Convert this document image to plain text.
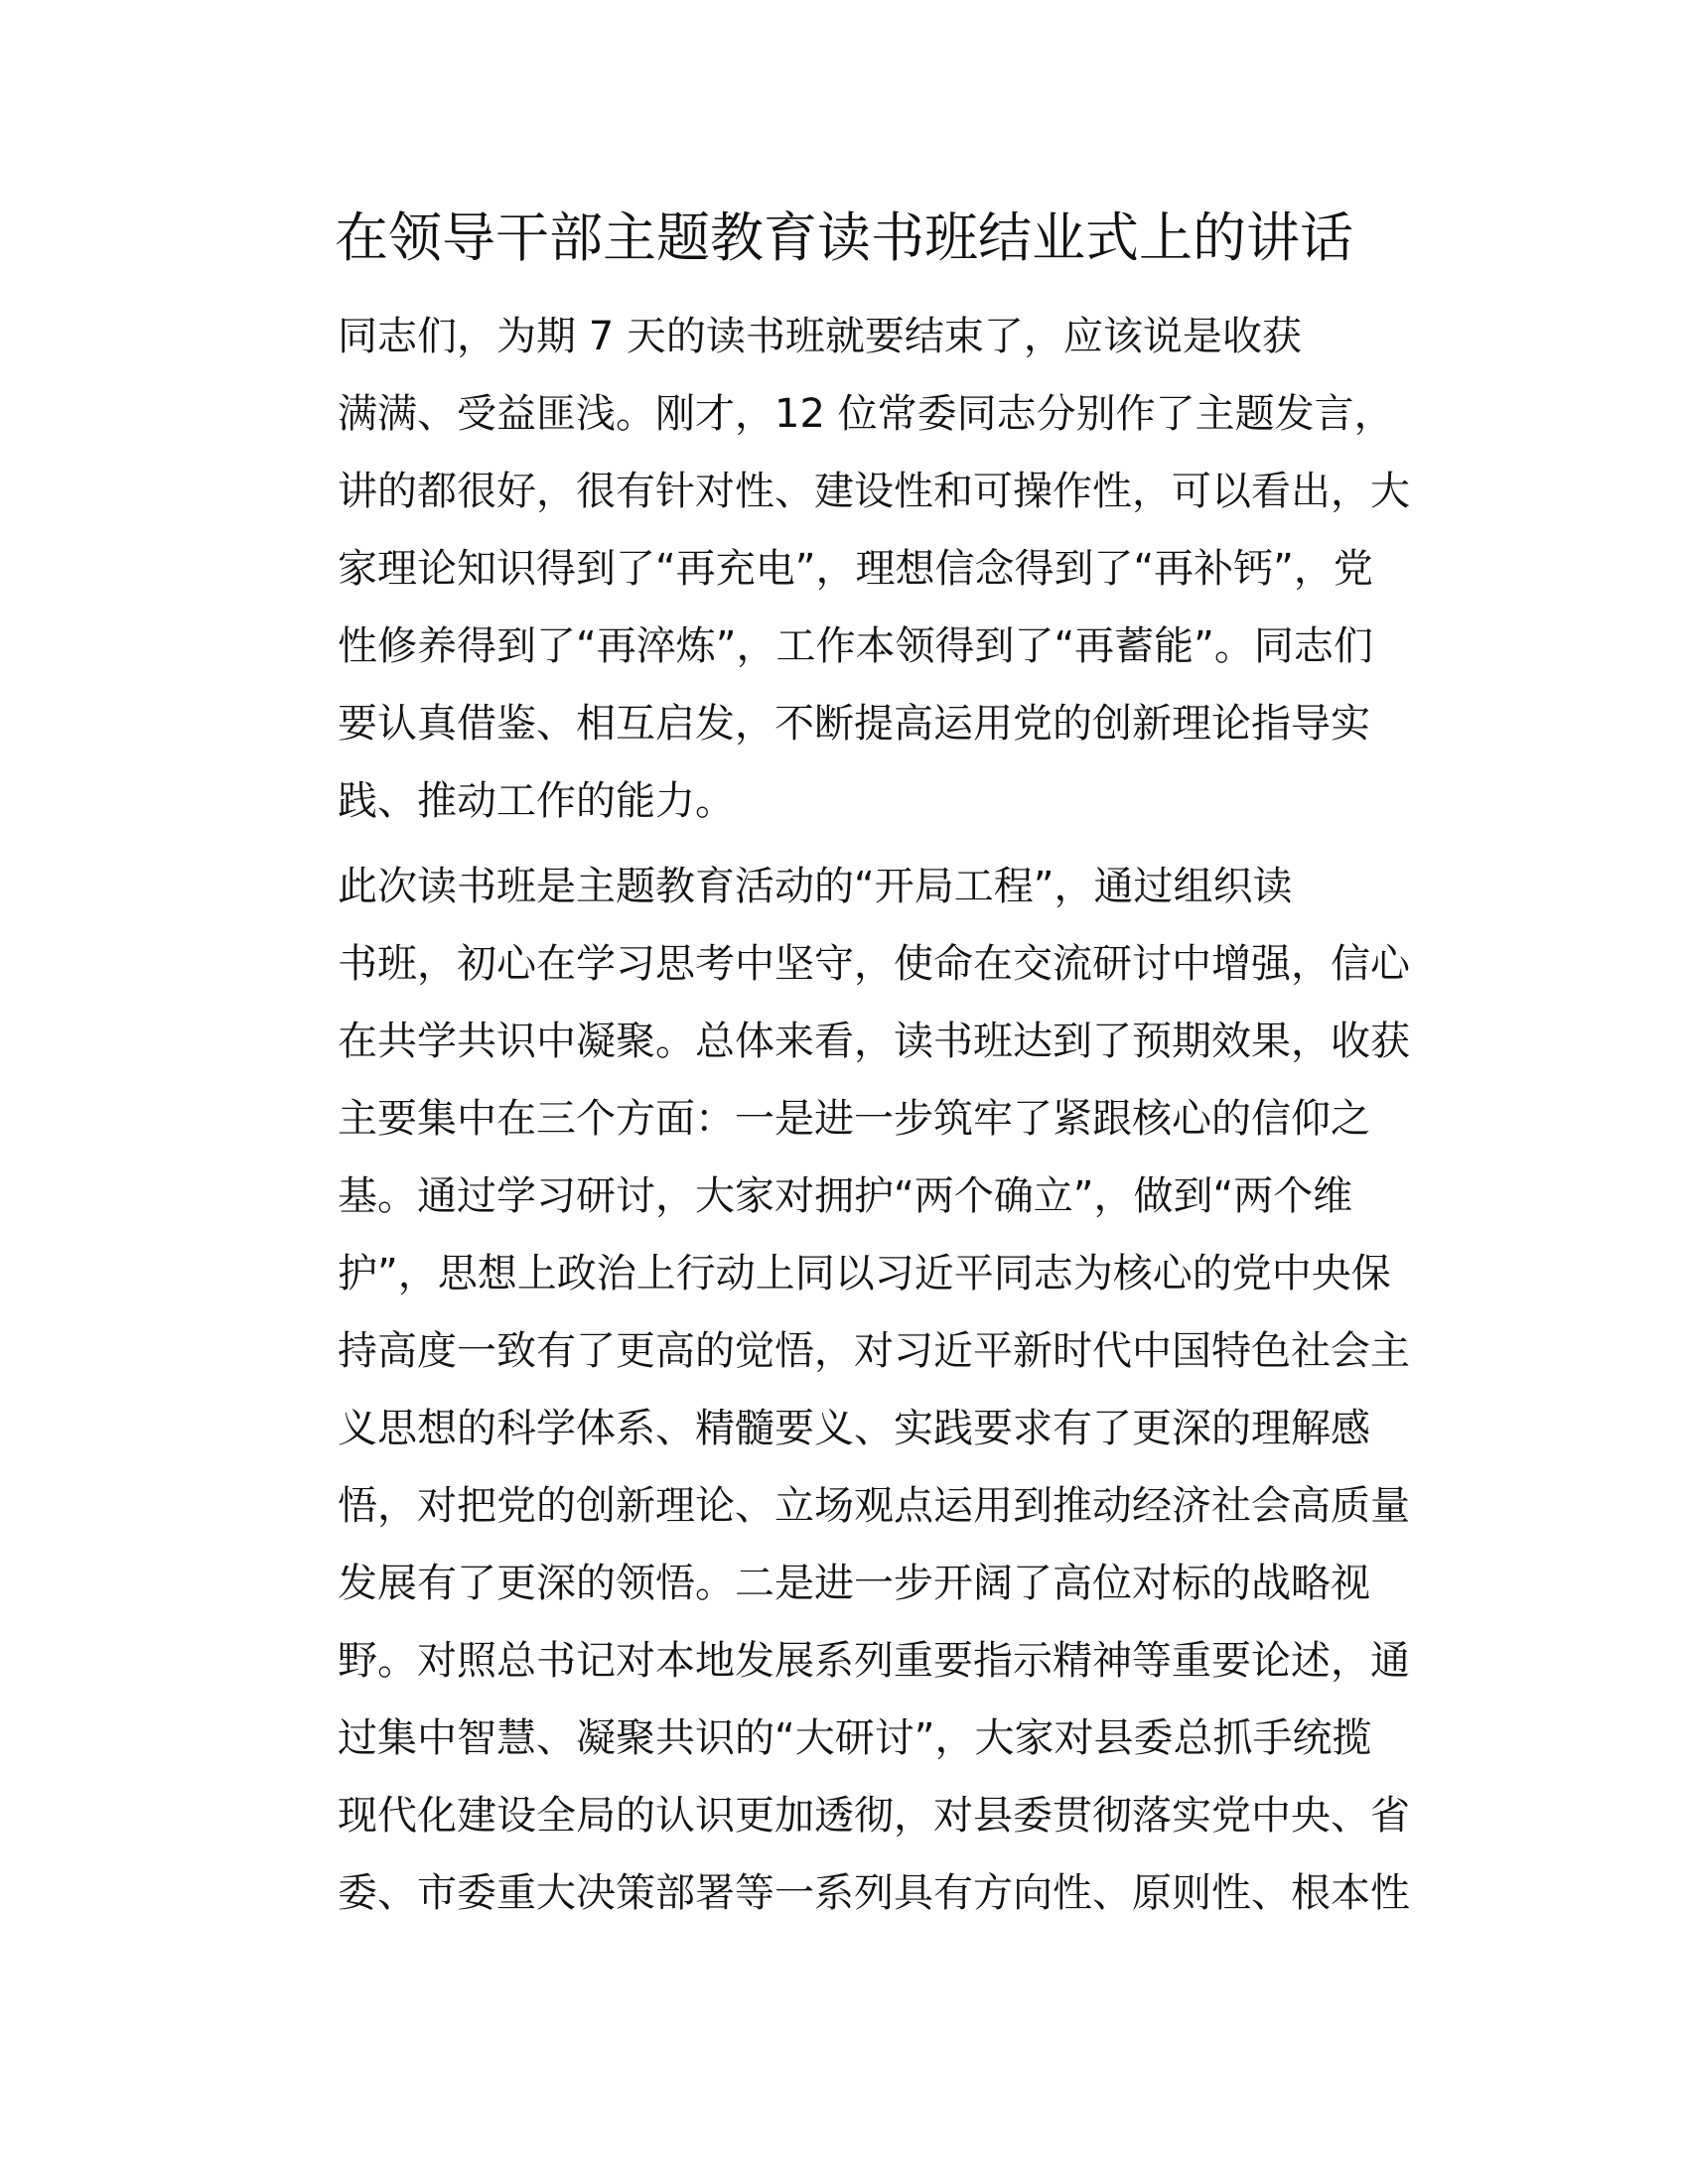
在领导干部主题教育读书班结业式上的讲话

同志们，为期 7 天的读书班就要结束了，应该说是收获
满满、受益匪浅。刚才，12 位常委同志分别作了主题发言，
讲的都很好，很有针对性、建设性和可操作性，可以看出，大
家理论知识得到了“再充电”，理想信念得到了“再补钙”，党
性修养得到了“再淬炼”，工作本领得到了“再蓄能”。同志们
要认真借鉴、相互启发，不断提高运用党的创新理论指导实
践、推动工作的能力。

此次读书班是主题教育活动的“开局工程”，通过组织读
书班，初心在学习思考中坚守，使命在交流研讨中增强，信心
在共学共识中凝聚。总体来看，读书班达到了预期效果，收获
主要集中在三个方面：一是进一步筑牢了紧跟核心的信仰之
基。通过学习研讨，大家对拥护“两个确立”，做到“两个维
护”，思想上政治上行动上同以习近平同志为核心的党中央保
持高度一致有了更高的觉悟，对习近平新时代中国特色社会主
义思想的科学体系、精髓要义、实践要求有了更深的理解感
悟，对把党的创新理论、立场观点运用到推动经济社会高质量
发展有了更深的领悟。二是进一步开阔了高位对标的战略视
野。对照总书记对本地发展系列重要指示精神等重要论述，通
过集中智慧、凝聚共识的“大研讨”，大家对县委总抓手统揽
现代化建设全局的认识更加透彻，对县委贯彻落实党中央、省
委、市委重大决策部署等一系列具有方向性、原则性、根本性
